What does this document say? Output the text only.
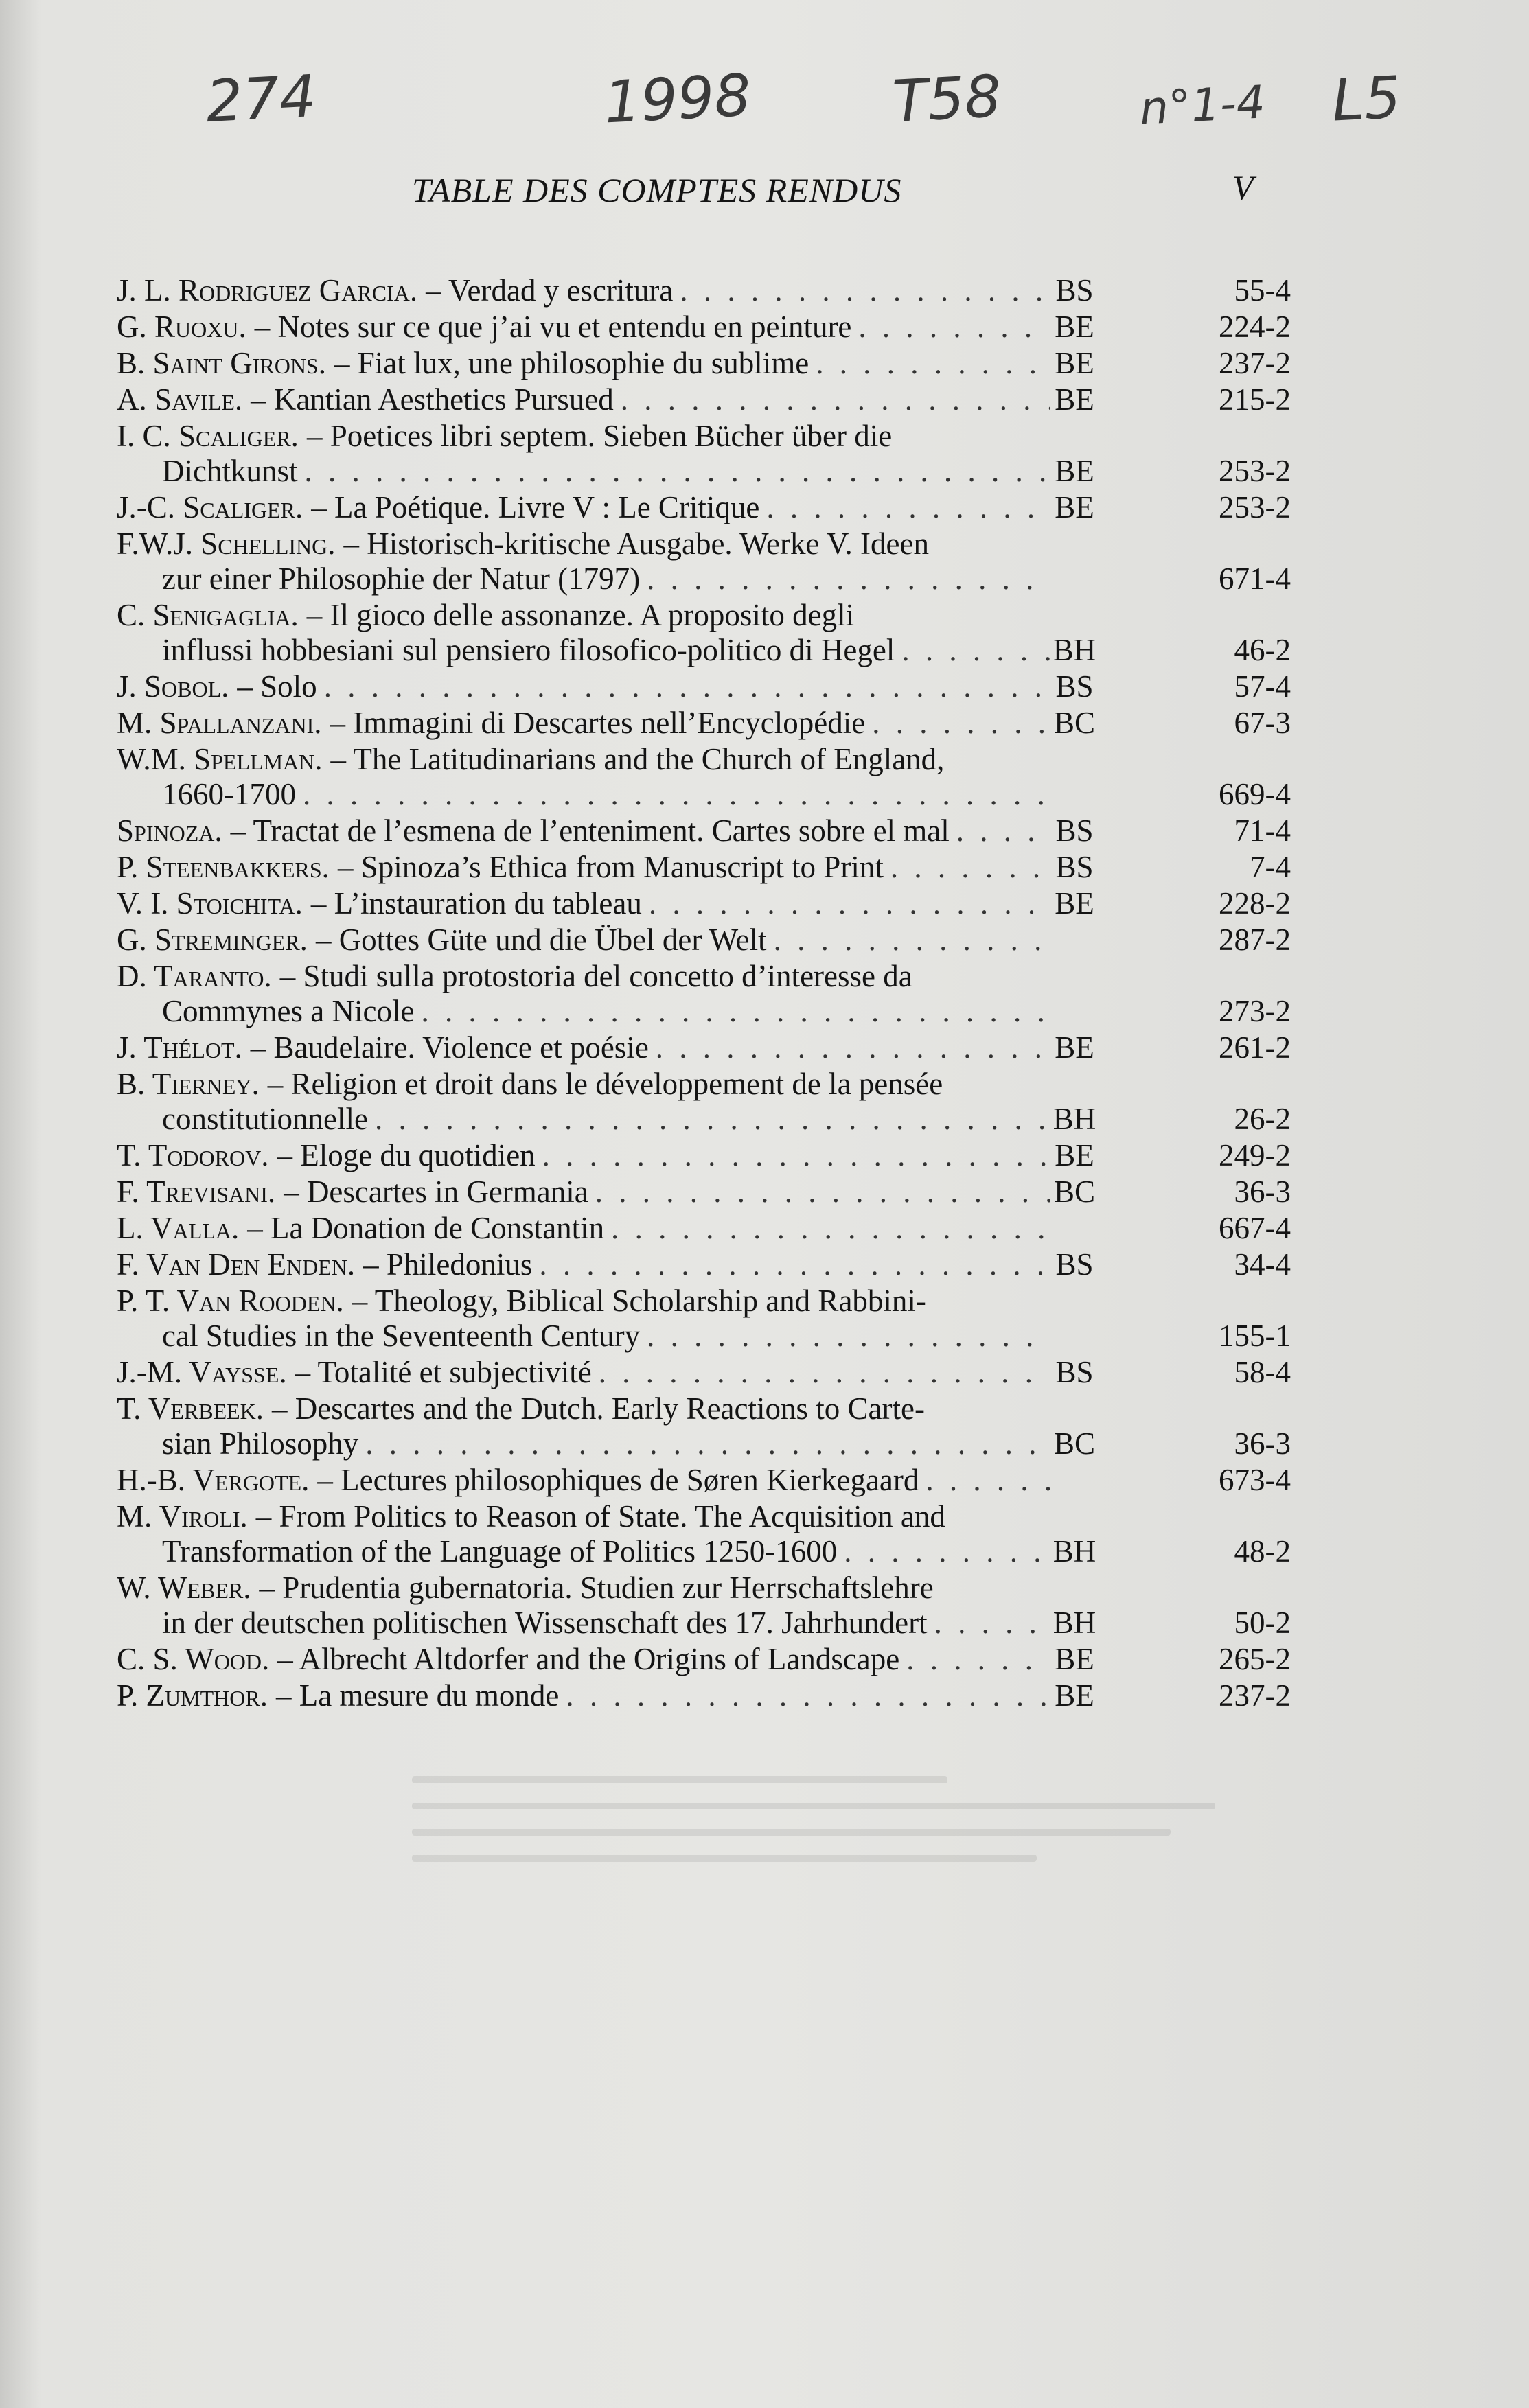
274	1998 T58	n°1-4 L5
TABLE DES COMPTES RENDUS	V
J. L. Rodriguez Garcia. – Verdad y escritura . . .	BS	55-4
G. Ruoxu. – Notes sur ce que j’ai vu et entendu en peinture . . .	BE	224-2
B. Saint Girons. – Fiat lux, une philosophie du sublime . . .	BE	237-2
A. Savile. – Kantian Aesthetics Pursued . . .	BE	215-2
I. C. Scaliger. – Poetices libri septem. Sieben Bücher über die
Dichtkunst . . .	BE	253-2
J.-C. Scaliger. – La Poétique. Livre V : Le Critique . . .	BE	253-2
F.W.J. Schelling. – Historisch-kritische Ausgabe. Werke V. Ideen
zur einer Philosophie der Natur (1797) . . .	671-4
C. Senigaglia. – Il gioco delle assonanze. A proposito degli
influssi hobbesiani sul pensiero filosofico-politico di Hegel . . .	BH	46-2
J. Sobol. – Solo . . .	BS	57-4
M. Spallanzani. – Immagini di Descartes nell’Encyclopédie . . .	BC	67-3
W.M. Spellman. – The Latitudinarians and the Church of England,
1660-1700 . . .	669-4
Spinoza. – Tractat de l’esmena de l’enteniment. Cartes sobre el mal . . .	BS	71-4
P. Steenbakkers. – Spinoza’s Ethica from Manuscript to Print . . .	BS	7-4
V. I. Stoichita. – L’instauration du tableau . . .	BE	228-2
G. Streminger. – Gottes Güte und die Übel der Welt . . .	287-2
D. Taranto. – Studi sulla protostoria del concetto d’interesse da
Commynes a Nicole . . .	273-2
J. Thélot. – Baudelaire. Violence et poésie . . .	BE	261-2
B. Tierney. – Religion et droit dans le développement de la pensée
constitutionnelle . . .	BH	26-2
T. Todorov. – Eloge du quotidien . . .	BE	249-2
F. Trevisani. – Descartes in Germania . . .	BC	36-3
L. Valla. – La Donation de Constantin . . .	667-4
F. Van Den Enden. – Philedonius . . .	BS	34-4
P. T. Van Rooden. – Theology, Biblical Scholarship and Rabbini-
cal Studies in the Seventeenth Century . . .	155-1
J.-M. Vaysse. – Totalité et subjectivité . . .	BS	58-4
T. Verbeek. – Descartes and the Dutch. Early Reactions to Carte-
sian Philosophy . . .	BC	36-3
H.-B. Vergote. – Lectures philosophiques de Søren Kierkegaard . . .	673-4
M. Viroli. – From Politics to Reason of State. The Acquisition and
Transformation of the Language of Politics 1250-1600 . . .	BH	48-2
W. Weber. – Prudentia gubernatoria. Studien zur Herrschaftslehre
in der deutschen politischen Wissenschaft des 17. Jahrhundert . . .	BH	50-2
C. S. Wood. – Albrecht Altdorfer and the Origins of Landscape . . .	BE	265-2
P. Zumthor. – La mesure du monde . . .	BE	237-2
